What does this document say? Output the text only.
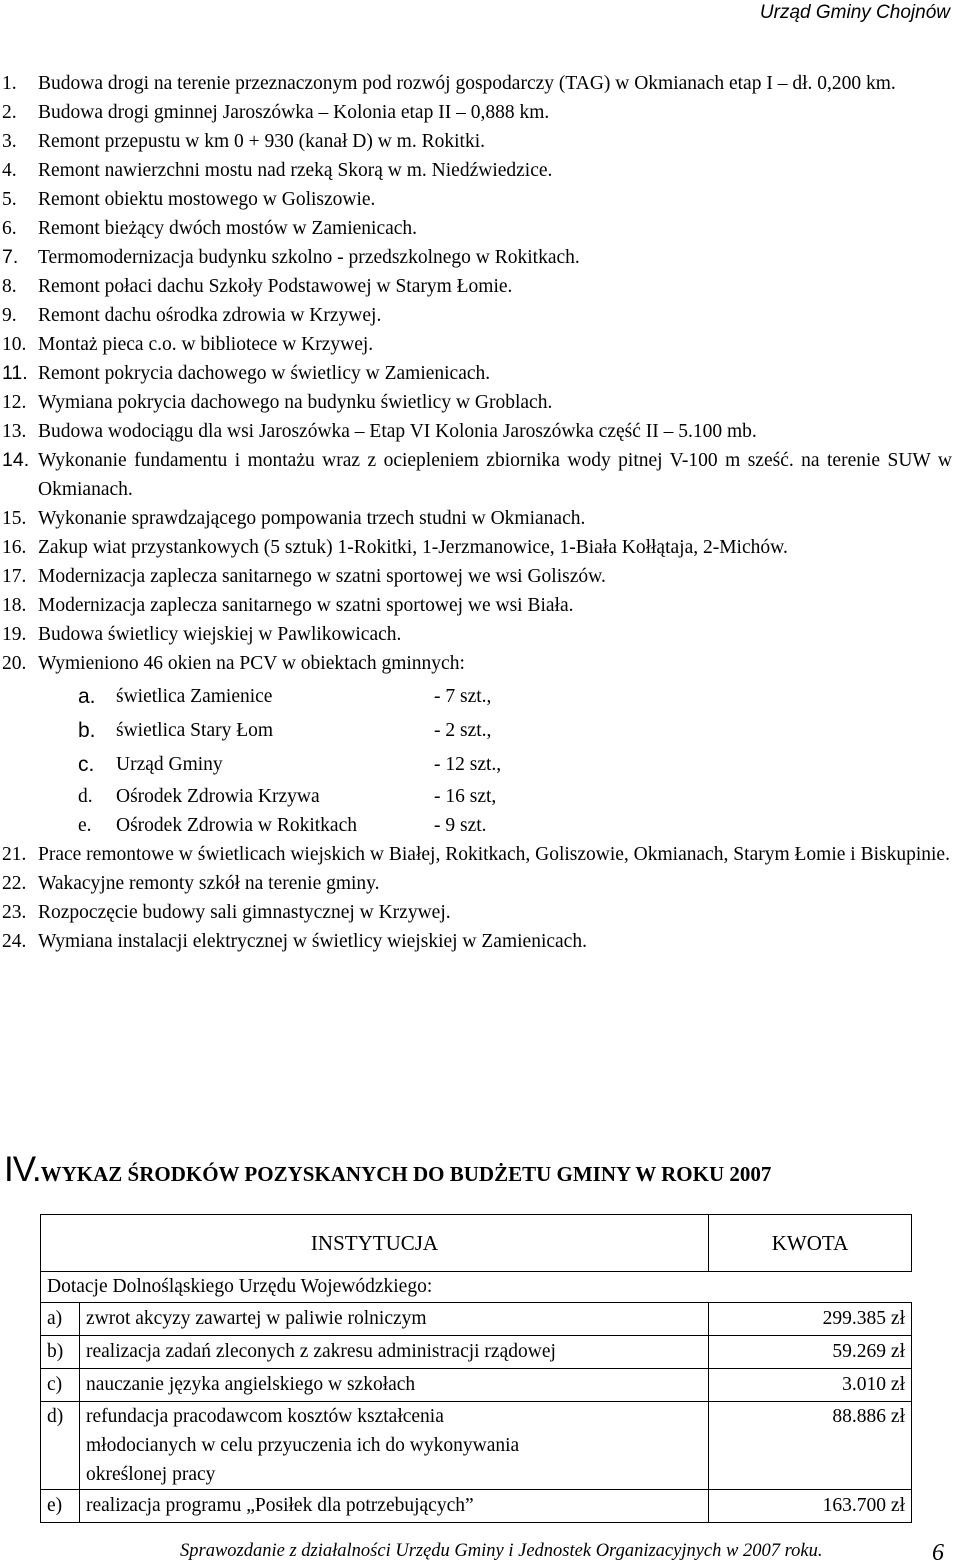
Urząd Gminy Chojnów
1. Budowa drogi na terenie przeznaczonym pod rozwój gospodarczy (TAG) w Okmianach etap I – dł. 0,200 km.
2. Budowa drogi gminnej Jaroszówka – Kolonia etap II – 0,888 km.
3. Remont przepustu w km 0 + 930 (kanał D) w m. Rokitki.
4. Remont nawierzchni mostu nad rzeką Skorą w m. Niedźwiedzice.
5. Remont obiektu mostowego w Goliszowie.
6. Remont bieżący dwóch mostów w Zamienicach.
7. Termomodernizacja budynku szkolno - przedszkolnego w Rokitkach.
8. Remont połaci dachu Szkoły Podstawowej w Starym Łomie.
9. Remont dachu ośrodka zdrowia w Krzywej.
10. Montaż pieca c.o. w bibliotece w Krzywej.
11. Remont pokrycia dachowego w świetlicy w Zamienicach.
12. Wymiana pokrycia dachowego na budynku świetlicy w Groblach.
13. Budowa wodociągu dla wsi Jaroszówka – Etap VI Kolonia Jaroszówka część II – 5.100 mb.
14. Wykonanie fundamentu i montażu wraz z ociepleniem zbiornika wody pitnej V-100 m sześć. na terenie SUW w Okmianach.
15. Wykonanie sprawdzającego pompowania trzech studni w Okmianach.
16. Zakup wiat przystankowych (5 sztuk) 1-Rokitki, 1-Jerzmanowice, 1-Biała Kołłątaja, 2-Michów.
17. Modernizacja zaplecza sanitarnego w szatni sportowej we wsi Goliszów.
18. Modernizacja zaplecza sanitarnego w szatni sportowej we wsi Biała.
19. Budowa świetlicy wiejskiej w Pawlikowicach.
20. Wymieniono 46 okien na PCV w obiektach gminnych:
a.	świetlica Zamienice	- 7 szt.,
b.	świetlica Stary Łom	- 2 szt.,
c.	Urząd Gminy	- 12 szt.,
d.	Ośrodek Zdrowia Krzywa	- 16 szt,
e.	Ośrodek Zdrowia w Rokitkach	- 9 szt.
21. Prace remontowe w świetlicach wiejskich w Białej, Rokitkach, Goliszowie, Okmianach, Starym Łomie i Biskupinie.
22. Wakacyjne remonty szkół na terenie gminy.
23. Rozpoczęcie budowy sali gimnastycznej w Krzywej.
24. Wymiana instalacji elektrycznej w świetlicy wiejskiej w Zamienicach.
IV.WYKAZ ŚRODKÓW POZYSKANYCH DO BUDŻETU GMINY W ROKU 2007
INSTYTUCJA		KWOTA
Dotacje Dolnośląskiego Urzędu Wojewódzkiego:		
a)	zwrot akcyzy zawartej w paliwie rolniczym	299.385 zł
b)	realizacja zadań zleconych z zakresu administracji rządowej	59.269 zł
c)	nauczanie języka angielskiego w szkołach	3.010 zł
d)	refundacja pracodawcom kosztów kształcenia młodocianych w celu przyuczenia ich do wykonywania określonej pracy	88.886 zł
e)	realizacja programu „Posiłek dla potrzebujących”	163.700 zł
Sprawozdanie z działalności Urzędu Gminy i Jednostek Organizacyjnych w 2007 roku.	6
